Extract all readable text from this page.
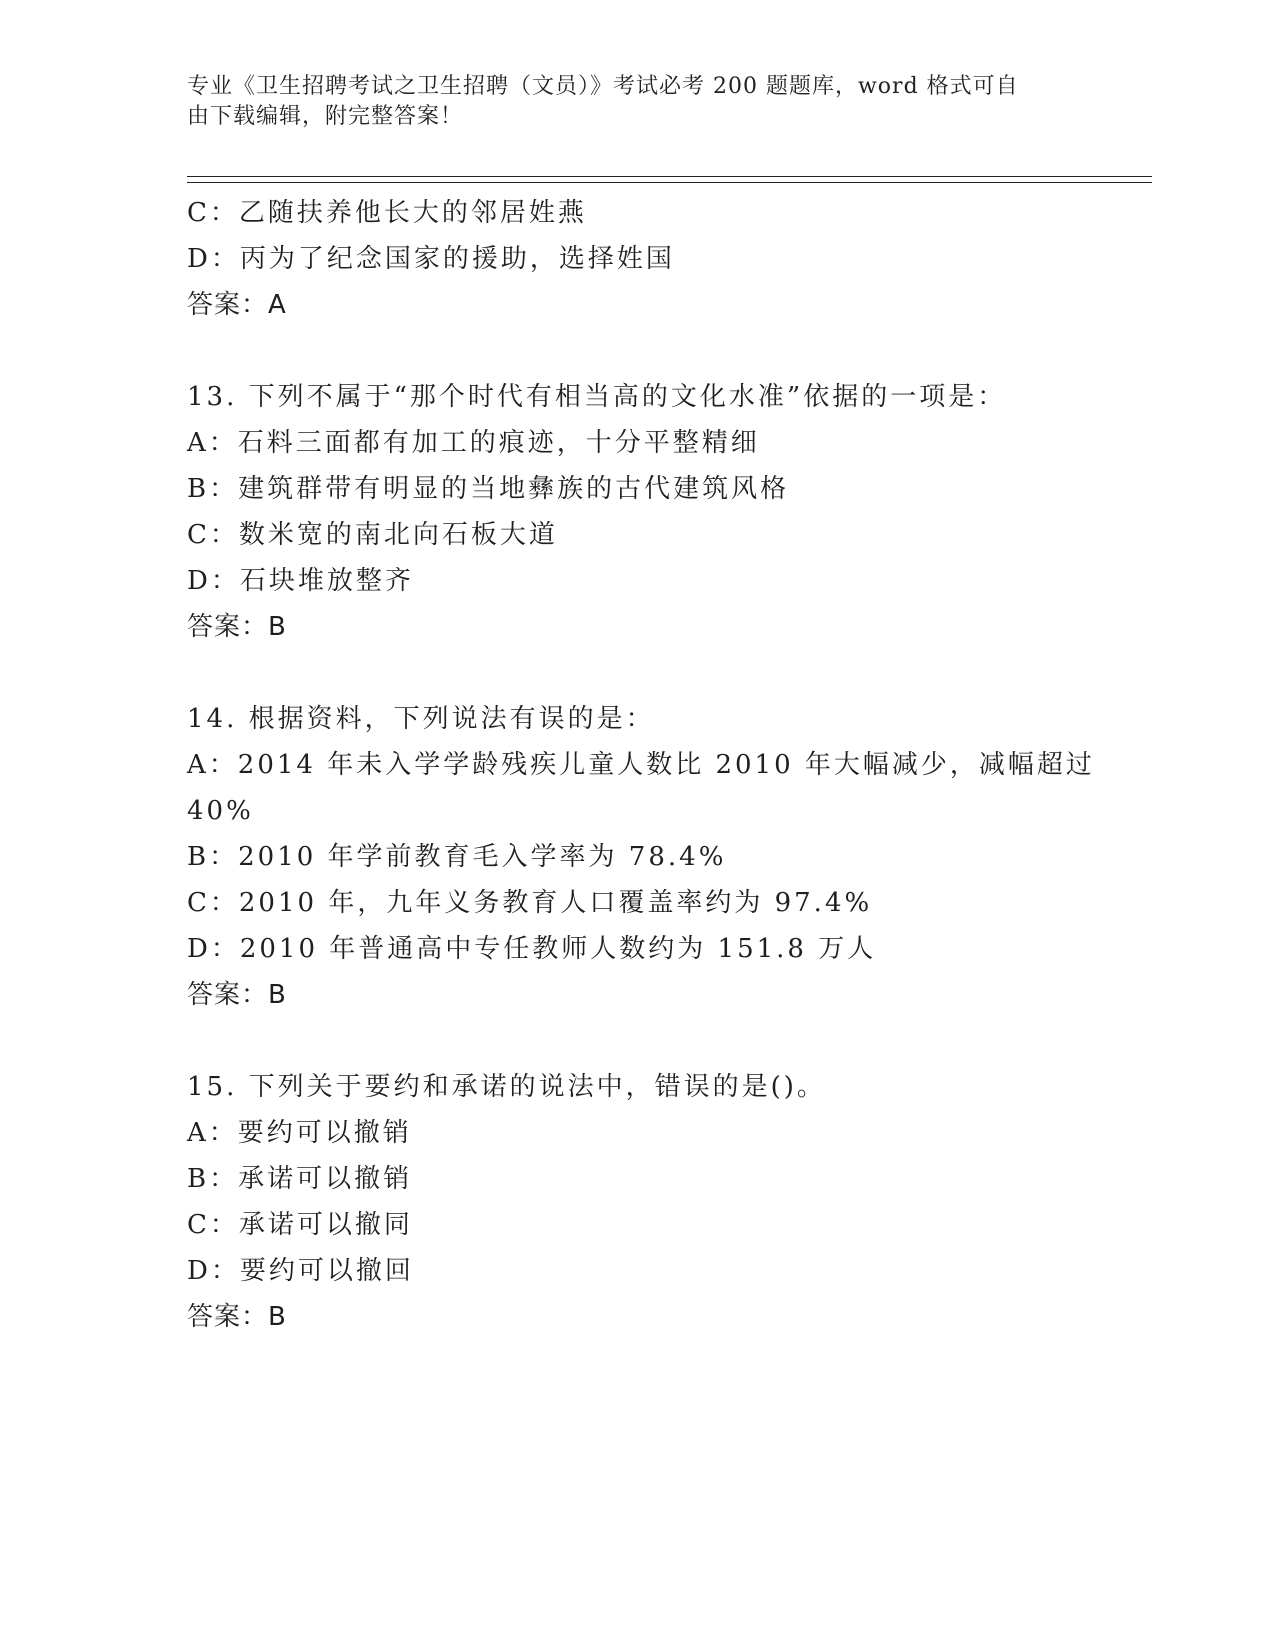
专业《卫生招聘考试之卫生招聘（文员）》考试必考 200 题题库，word 格式可自
由下载编辑，附完整答案！
C：乙随扶养他长大的邻居姓燕
D：丙为了纪念国家的援助，选择姓国
答案：A
13. 下列不属于“那个时代有相当高的文化水准”依据的一项是：
A：石料三面都有加工的痕迹，十分平整精细
B：建筑群带有明显的当地彝族的古代建筑风格
C：数米宽的南北向石板大道
D：石块堆放整齐
答案：B
14. 根据资料，下列说法有误的是：
A：2014 年未入学学龄残疾儿童人数比 2010 年大幅减少，减幅超过
40%
B：2010 年学前教育毛入学率为 78.4%
C：2010 年，九年义务教育人口覆盖率约为 97.4%
D：2010 年普通高中专任教师人数约为 151.8 万人
答案：B
15. 下列关于要约和承诺的说法中，错误的是()。
A：要约可以撤销
B：承诺可以撤销
C：承诺可以撤同
D：要约可以撤回
答案：B
